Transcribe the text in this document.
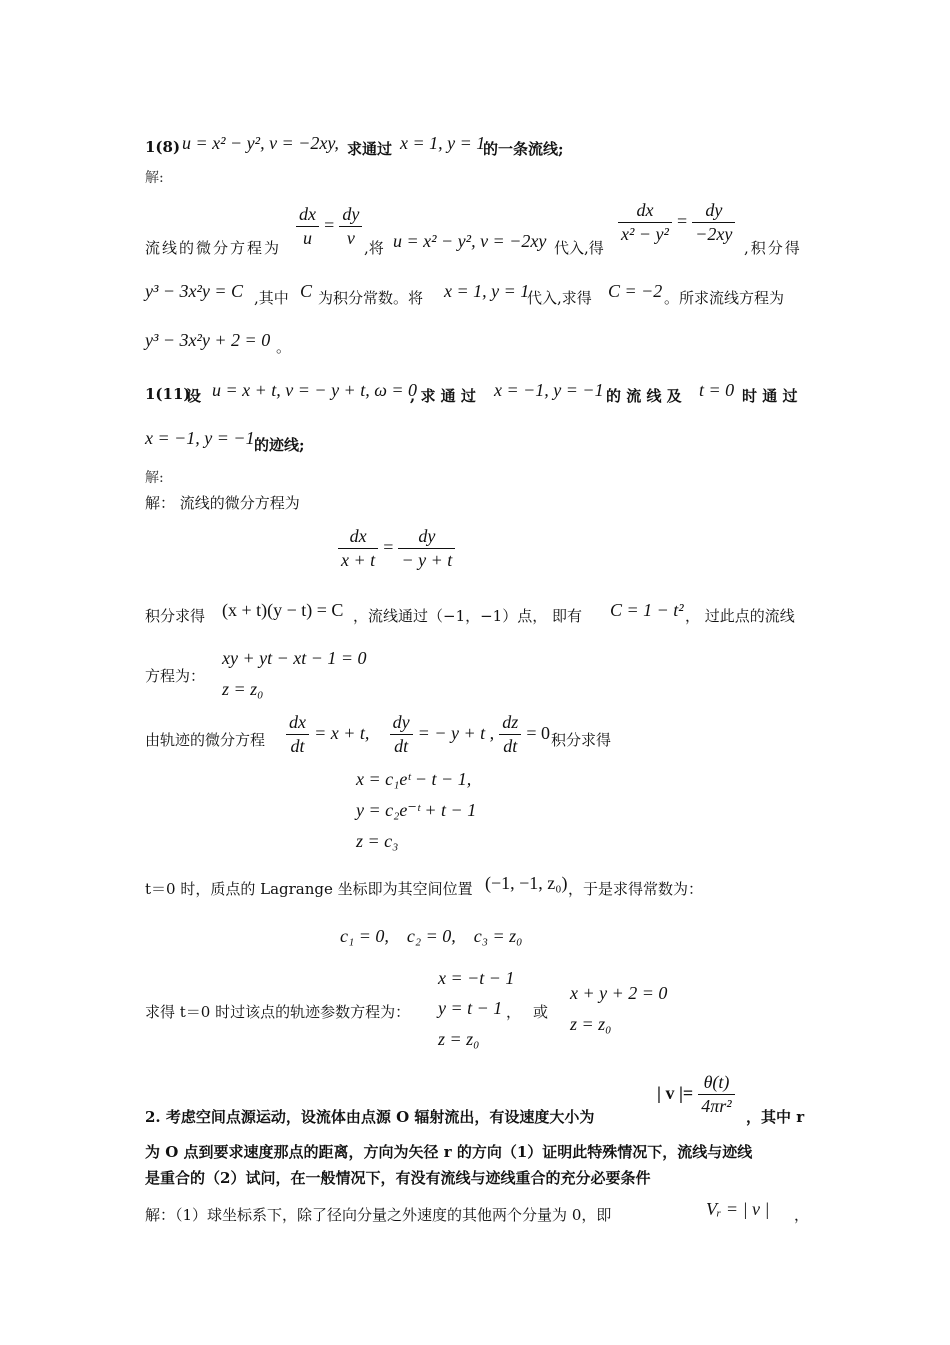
1(8) u = x² − y², v = −2xy, 求通过 x = 1, y = 1
的一条流线;
解:
流线的微分方程为 $\frac{dx}{u} = \frac{dy}{v}$ ,将 u = x² − y², v = −2xy 代入,得
$\frac{dx}{\text{x² − y²}} = \frac{dy}{-2xy}$
,积分得
y³ − 3x²y = C ,其中 C 为积分常数。将 x = 1, y = 1
代入,求得 C = −2 。所求流线方程为
y³ − 3x²y + 2 = 0 。
1(11)
设 u = x + t, v = − y + t, ω = 0
, 求 通 过 x = −1, y = −1 的 流 线 及 t = 0 时 通 过
x = −1, y = −1 的迹线;
解:
解： 流线的微分方程为
$\frac{dx}{x + t} = \frac{dy}{- y + t}$
积分求得 (x + t)(y − t) = C ，流线通过（−1，−1）点， 即有 C = 1 − t² ， 过此点的流线
方程为：
xy + yt − xt − 1 = 0
z = z₀
由轨迹的微分方程 $\frac{dx}{dt} = x + t$, $\frac{dy}{dt}$ = − y + t , $\frac{dz}{dt} = 0$ 积分求得
x = c₁eᵗ − t − 1,
y = c₂e⁻ᵗ + t − 1
z = c₃
t＝0 时，质点的 Lagrange 坐标即为其空间位置 (−1, −1, z₀) ，于是求得常数为：
c₁ = 0,    c₂ = 0,    c₃ = z₀
求得 t＝0 时过该点的轨迹参数方程为：
x = −t − 1
y = t − 1
z = z₀
， 或
x + y + 2 = 0
z = z₀
2. 考虑空间点源运动，设流体由点源 O 辐射流出，有设速度大小为
| v |= $\frac{\theta(t)}{\text{4πr²}}$ ，其中 r
为 O 点到要求速度那点的距离，方向为矢径 r 的方向（1）证明此特殊情况下，流线与迹线
是重合的（2）试问，在一般情况下，有没有流线与迹线重合的充分必要条件
解：（1）球坐标系下，除了径向分量之外速度的其他两个分量为 0，即	Vᵣ = | v | ，
